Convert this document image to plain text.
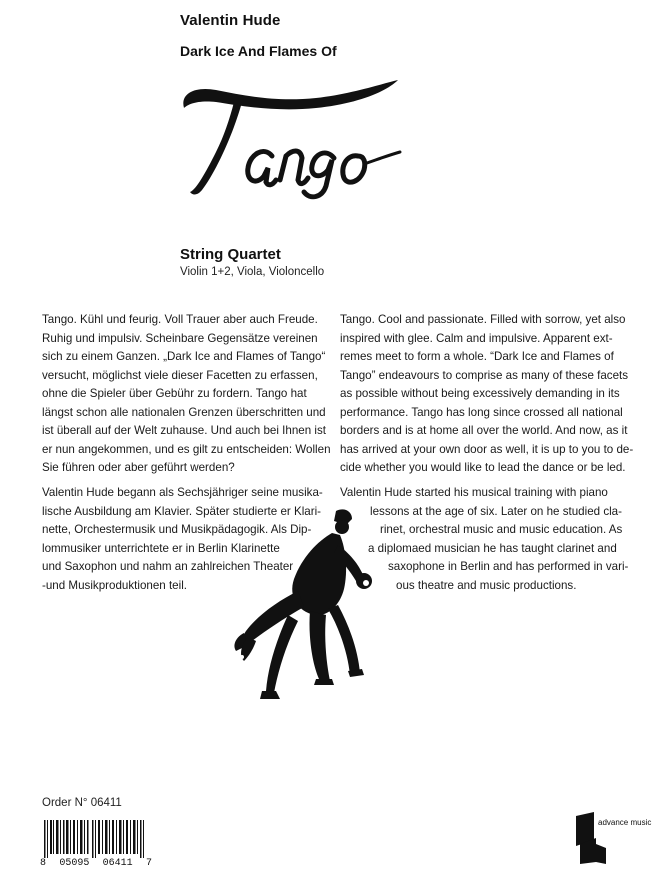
Valentin Hude
Dark Ice And Flames Of
String Quartet
Violin 1+2, Viola, Violoncello
Tango. Kühl und feurig. Voll Trauer aber auch Freude.
Ruhig und impulsiv. Scheinbare Gegensätze vereinen
sich zu einem Ganzen. „Dark Ice and Flames of Tango“
versucht, möglichst viele dieser Facetten zu erfassen,
ohne die Spieler über Gebühr zu fordern. Tango hat
längst schon alle nationalen Grenzen überschritten und
ist überall auf der Welt zuhause. Und auch bei Ihnen ist
er nun angekommen, und es gilt zu entscheiden: Wollen
Sie führen oder aber geführt werden?
Tango. Cool and passionate. Filled with sorrow, yet also
inspired with glee. Calm and impulsive. Apparent ext-
remes meet to form a whole. “Dark Ice and Flames of
Tango” endeavours to comprise as many of these facets
as possible without being excessively demanding in its
performance. Tango has long since crossed all national
borders and is at home all over the world. And now, as it
has arrived at your own door as well, it is up to you to de-
cide whether you would like to lead the dance or be led.
Valentin Hude begann als Sechsjähriger seine musika-
lische Ausbildung am Klavier. Später studierte er Klari-
nette, Orchestermusik und Musikpädagogik. Als Dip-
lommusiker unterrichtete er in Berlin Klarinette
und Saxophon und nahm an zahlreichen Theater
-und Musikproduktionen teil.
Valentin Hude started his musical training with piano
lessons at the age of six. Later on he studied cla-
rinet, orchestral music and music education. As
a diplomaed musician he has taught clarinet and
saxophone in Berlin and has performed in vari-
ous theatre and music productions.
Order N° 06411
8 05095 06411 7
advance music
